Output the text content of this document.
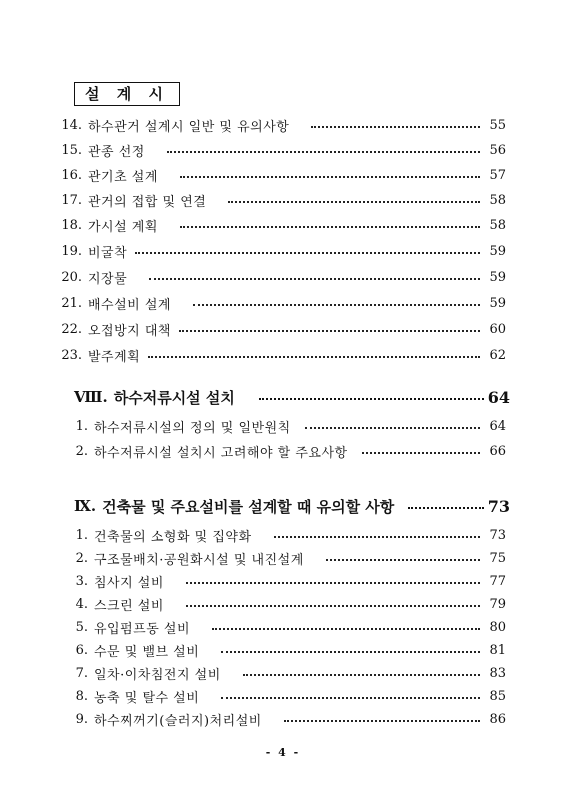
설 계 시
14. 하수관거 설계시 일반 및 유의사항	55
15. 관종 선정	56
16. 관기초 설계	57
17. 관거의 접합 및 연결	58
18. 가시설 계획	58
19. 비굴착	59
20. 지장물	59
21. 배수설비 설계	59
22. 오접방지 대책	60
23. 발주계획	62
Ⅷ. 하수저류시설 설치	64
1. 하수저류시설의 정의 및 일반원칙	64
2. 하수저류시설 설치시 고려해야 할 주요사항	66
Ⅸ. 건축물 및 주요설비를 설계할 때 유의할 사항	73
1. 건축물의 소형화 및 집약화	73
2. 구조물배치·공원화시설 및 내진설계	75
3. 침사지 설비	77
4. 스크린 설비	79
5. 유입펌프동 설비	80
6. 수문 및 밸브 설비	81
7. 일차·이차침전지 설비	83
8. 농축 및 탈수 설비	85
9. 하수찌꺼기(슬러지)처리설비	86
- 4 -
